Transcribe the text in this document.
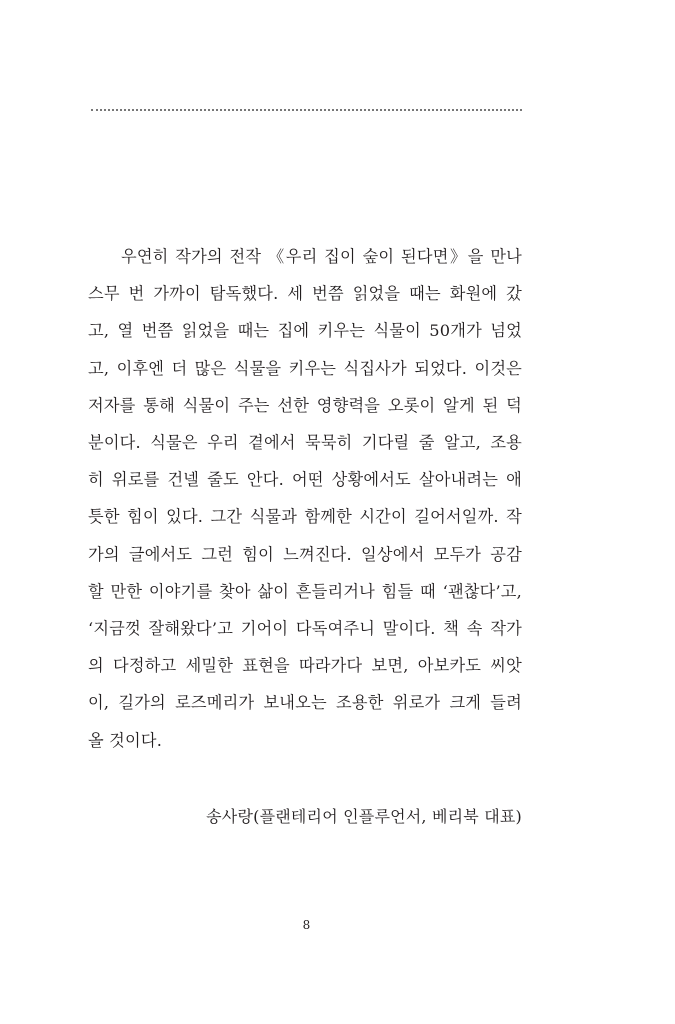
우연히 작가의 전작 《우리 집이 숲이 된다면》을 만나
스무 번 가까이 탐독했다. 세 번쯤 읽었을 때는 화원에 갔
고, 열 번쯤 읽었을 때는 집에 키우는 식물이 50개가 넘었
고, 이후엔 더 많은 식물을 키우는 식집사가 되었다. 이것은
저자를 통해 식물이 주는 선한 영향력을 오롯이 알게 된 덕
분이다. 식물은 우리 곁에서 묵묵히 기다릴 줄 알고, 조용
히 위로를 건넬 줄도 안다. 어떤 상황에서도 살아내려는 애
틋한 힘이 있다. 그간 식물과 함께한 시간이 길어서일까. 작
가의 글에서도 그런 힘이 느껴진다. 일상에서 모두가 공감
할 만한 이야기를 찾아 삶이 흔들리거나 힘들 때 ‘괜찮다’고,
‘지금껏 잘해왔다’고 기어이 다독여주니 말이다. 책 속 작가
의 다정하고 세밀한 표현을 따라가다 보면, 아보카도 씨앗
이, 길가의 로즈메리가 보내오는 조용한 위로가 크게 들려
올 것이다.

송사랑(플랜테리어 인플루언서, 베리북 대표)
8
